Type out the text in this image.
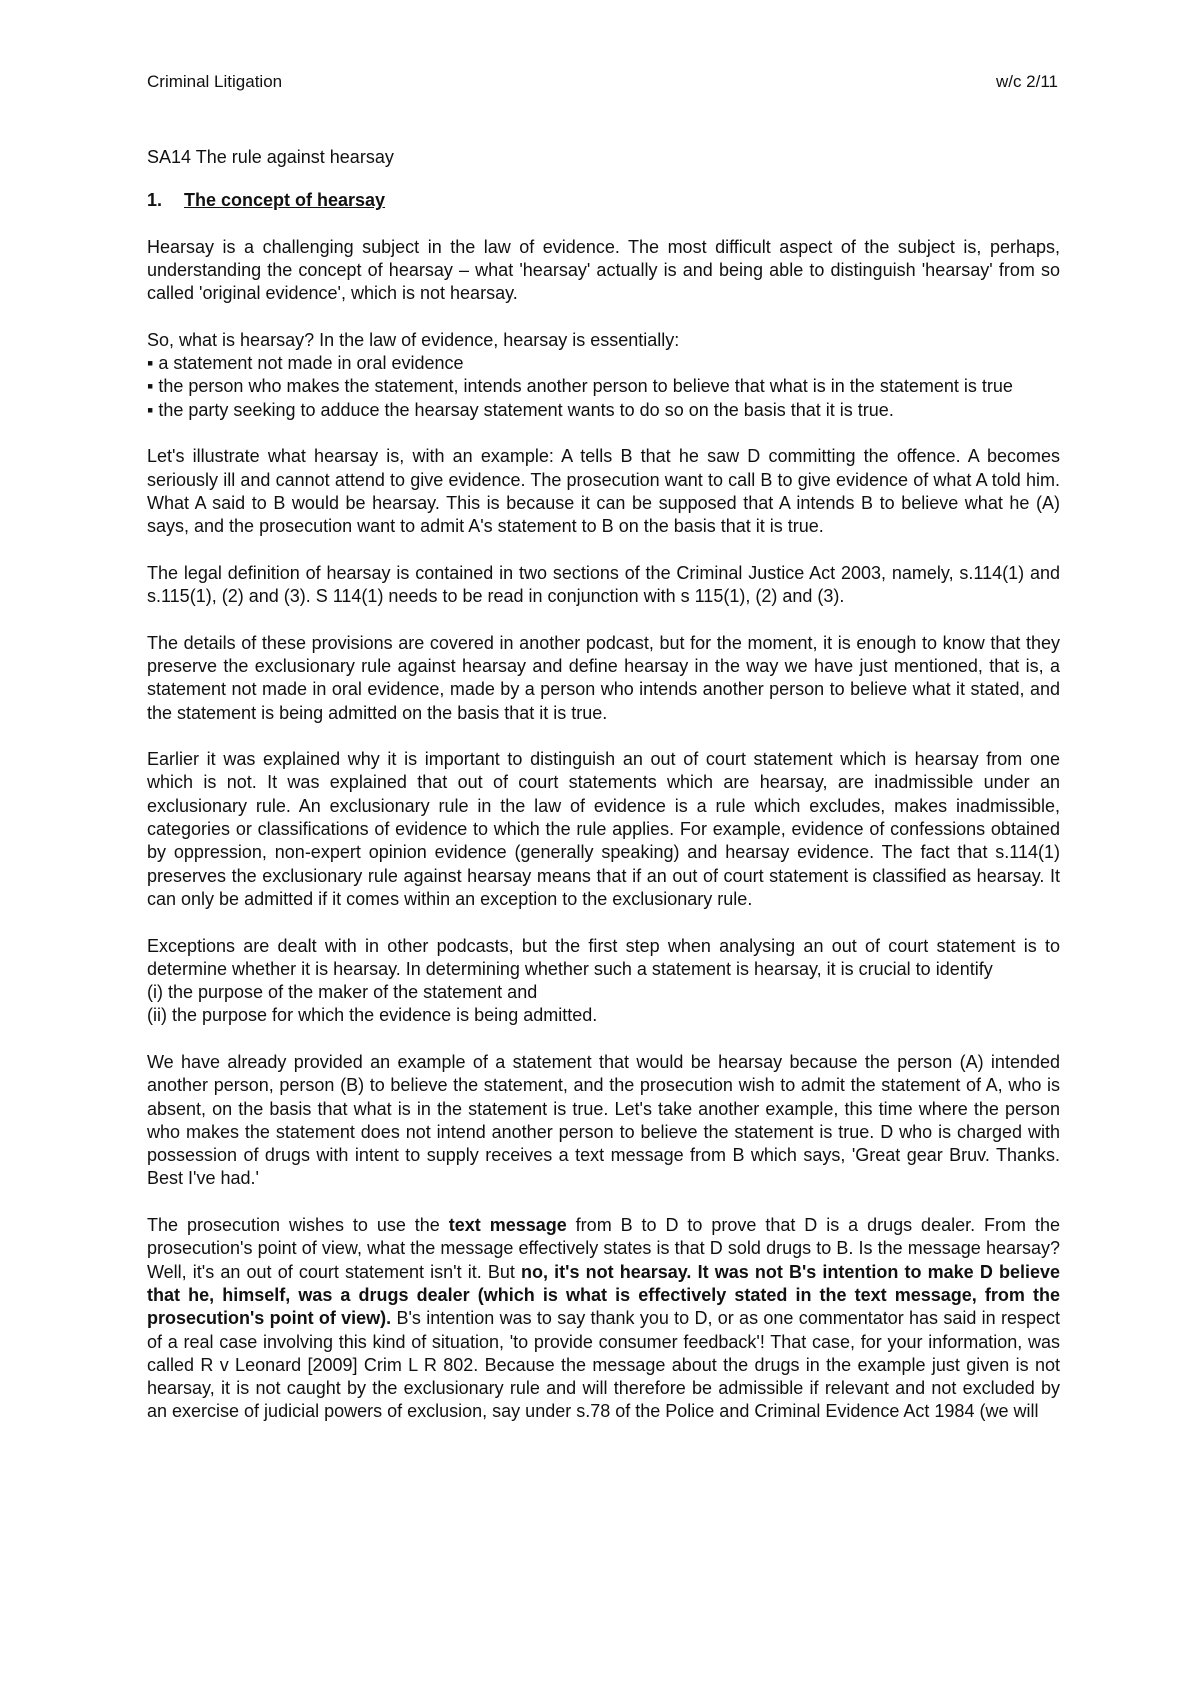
Criminal Litigation	w/c 2/11
SA14 The rule against hearsay
1. The concept of hearsay

Hearsay is a challenging subject in the law of evidence. The most difficult aspect of the subject is, perhaps, understanding the concept of hearsay – what 'hearsay' actually is and being able to distinguish 'hearsay' from so called 'original evidence', which is not hearsay.

So, what is hearsay? In the law of evidence, hearsay is essentially:
▪ a statement not made in oral evidence
▪ the person who makes the statement, intends another person to believe that what is in the statement is true
▪ the party seeking to adduce the hearsay statement wants to do so on the basis that it is true.

Let's illustrate what hearsay is, with an example: A tells B that he saw D committing the offence. A becomes seriously ill and cannot attend to give evidence. The prosecution want to call B to give evidence of what A told him. What A said to B would be hearsay. This is because it can be supposed that A intends B to believe what he (A) says, and the prosecution want to admit A's statement to B on the basis that it is true.

The legal definition of hearsay is contained in two sections of the Criminal Justice Act 2003, namely, s.114(1) and s.115(1), (2) and (3). S 114(1) needs to be read in conjunction with s 115(1), (2) and (3).

The details of these provisions are covered in another podcast, but for the moment, it is enough to know that they preserve the exclusionary rule against hearsay and define hearsay in the way we have just mentioned, that is, a statement not made in oral evidence, made by a person who intends another person to believe what it stated, and the statement is being admitted on the basis that it is true.

Earlier it was explained why it is important to distinguish an out of court statement which is hearsay from one which is not. It was explained that out of court statements which are hearsay, are inadmissible under an exclusionary rule. An exclusionary rule in the law of evidence is a rule which excludes, makes inadmissible, categories or classifications of evidence to which the rule applies. For example, evidence of confessions obtained by oppression, non-expert opinion evidence (generally speaking) and hearsay evidence. The fact that s.114(1) preserves the exclusionary rule against hearsay means that if an out of court statement is classified as hearsay. It can only be admitted if it comes within an exception to the exclusionary rule.

Exceptions are dealt with in other podcasts, but the first step when analysing an out of court statement is to determine whether it is hearsay. In determining whether such a statement is hearsay, it is crucial to identify
(i) the purpose of the maker of the statement and
(ii) the purpose for which the evidence is being admitted.

We have already provided an example of a statement that would be hearsay because the person (A) intended another person, person (B) to believe the statement, and the prosecution wish to admit the statement of A, who is absent, on the basis that what is in the statement is true. Let's take another example, this time where the person who makes the statement does not intend another person to believe the statement is true. D who is charged with possession of drugs with intent to supply receives a text message from B which says, 'Great gear Bruv. Thanks. Best I've had.'

The prosecution wishes to use the text message from B to D to prove that D is a drugs dealer. From the prosecution's point of view, what the message effectively states is that D sold drugs to B. Is the message hearsay? Well, it's an out of court statement isn't it. But no, it's not hearsay. It was not B's intention to make D believe that he, himself, was a drugs dealer (which is what is effectively stated in the text message, from the prosecution's point of view). B's intention was to say thank you to D, or as one commentator has said in respect of a real case involving this kind of situation, 'to provide consumer feedback'! That case, for your information, was called R v Leonard [2009] Crim L R 802. Because the message about the drugs in the example just given is not hearsay, it is not caught by the exclusionary rule and will therefore be admissible if relevant and not excluded by an exercise of judicial powers of exclusion, say under s.78 of the Police and Criminal Evidence Act 1984 (we will
